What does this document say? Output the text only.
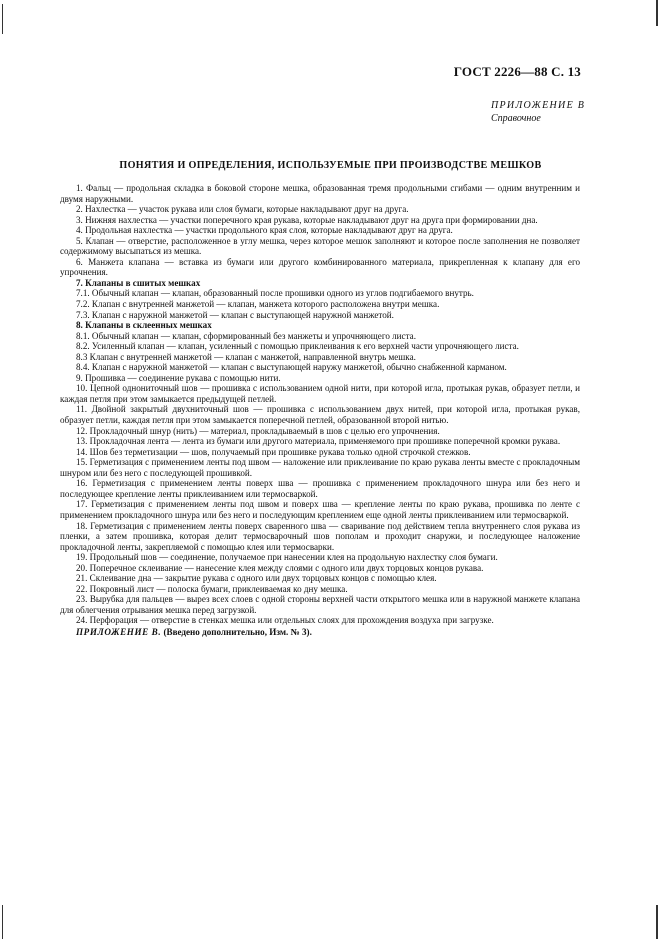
ГОСТ 2226—88 С. 13
ПРИЛОЖЕНИЕ В
Справочное
ПОНЯТИЯ И ОПРЕДЕЛЕНИЯ, ИСПОЛЬЗУЕМЫЕ ПРИ ПРОИЗВОДСТВЕ МЕШКОВ

1. Фальц — продольная складка в боковой стороне мешка, образованная тремя продольными сгибами — одним внутренним и двумя наружными.

2. Нахлестка — участок рукава или слоя бумаги, которые накладывают друг на друга.

3. Нижняя нахлестка — участки поперечного края рукава, которые накладывают друг на друга при формировании дна.

4. Продольная нахлестка — участки продольного края слоя, которые накладывают друг на друга.

5. Клапан — отверстие, расположенное в углу мешка, через которое мешок заполняют и которое после заполнения не позволяет содержимому высыпаться из мешка.

6. Манжета клапана — вставка из бумаги или другого комбинированного материала, прикрепленная к клапану для его упрочнения.

7. Клапаны в сшитых мешках

7.1. Обычный клапан — клапан, образованный после прошивки одного из углов подгибаемого внутрь.

7.2. Клапан с внутренней манжетой — клапан, манжета которого расположена внутри мешка.

7.3. Клапан с наружной манжетой — клапан с выступающей наружной манжетой.

8. Клапаны в склеенных мешках

8.1. Обычный клапан — клапан, сформированный без манжеты и упрочняющего листа.

8.2. Усиленный клапан — клапан, усиленный с помощью приклеивания к его верхней части упрочняющего листа.

8.3 Клапан с внутренней манжетой — клапан с манжетой, направленной внутрь мешка.

8.4. Клапан с наружной манжетой — клапан с выступающей наружу манжетой, обычно снабженной карманом.

9. Прошивка — соединение рукава с помощью нити.

10. Цепной однониточный шов — прошивка с использованием одной нити, при которой игла, протыкая рукав, образует петли, и каждая петля при этом замыкается предыдущей петлей.

11. Двойной закрытый двухниточный шов — прошивка с использованием двух нитей, при которой игла, протыкая рукав, образует петли, каждая петля при этом замыкается поперечной петлей, образованной второй нитью.

12. Прокладочный шнур (нить) — материал, прокладываемый в шов с целью его упрочнения.

13. Прокладочная лента — лента из бумаги или другого материала, применяемого при прошивке поперечной кромки рукава.

14. Шов без терметизации — шов, получаемый при прошивке рукава только одной строчкой стежков.

15. Герметизация с применением ленты под швом — наложение или приклеивание по краю рукава ленты вместе с прокладочным шнуром или без него с последующей прошивкой.

16. Герметизация с применением ленты поверх шва — прошивка с применением прокладочного шнура или без него и последующее крепление ленты приклеиванием или термосваркой.

17. Герметизация с применением ленты под швом и поверх шва — крепление ленты по краю рукава, прошивка по ленте с применением прокладочного шнура или без него и последующим креплением еще одной ленты приклеиванием или термосваркой.

18. Герметизация с применением ленты поверх сваренного шва — сваривание под действием тепла внутреннего слоя рукава из пленки, а затем прошивка, которая делит термосварочный шов пополам и проходит снаружи, и последующее наложение прокладочной ленты, закрепляемой с помощью клея или термосварки.

19. Продольный шов — соединение, получаемое при нанесении клея на продольную нахлестку слоя бумаги.

20. Поперечное склеивание — нанесение клея между слоями с одного или двух торцовых концов рукава.

21. Склеивание дна — закрытие рукава с одного или двух торцовых концов с помощью клея.

22. Покровный лист — полоска бумаги, приклеиваемая ко дну мешка.

23. Вырубка для пальцев — вырез всех слоев с одной стороны верхней части открытого мешка или в наружной манжете клапана для облегчения отрывания мешка перед загрузкой.

24. Перфорация — отверстие в стенках мешка или отдельных слоях для прохождения воздуха при загрузке.

ПРИЛОЖЕНИЕ В. (Введено дополнительно, Изм. № 3).
